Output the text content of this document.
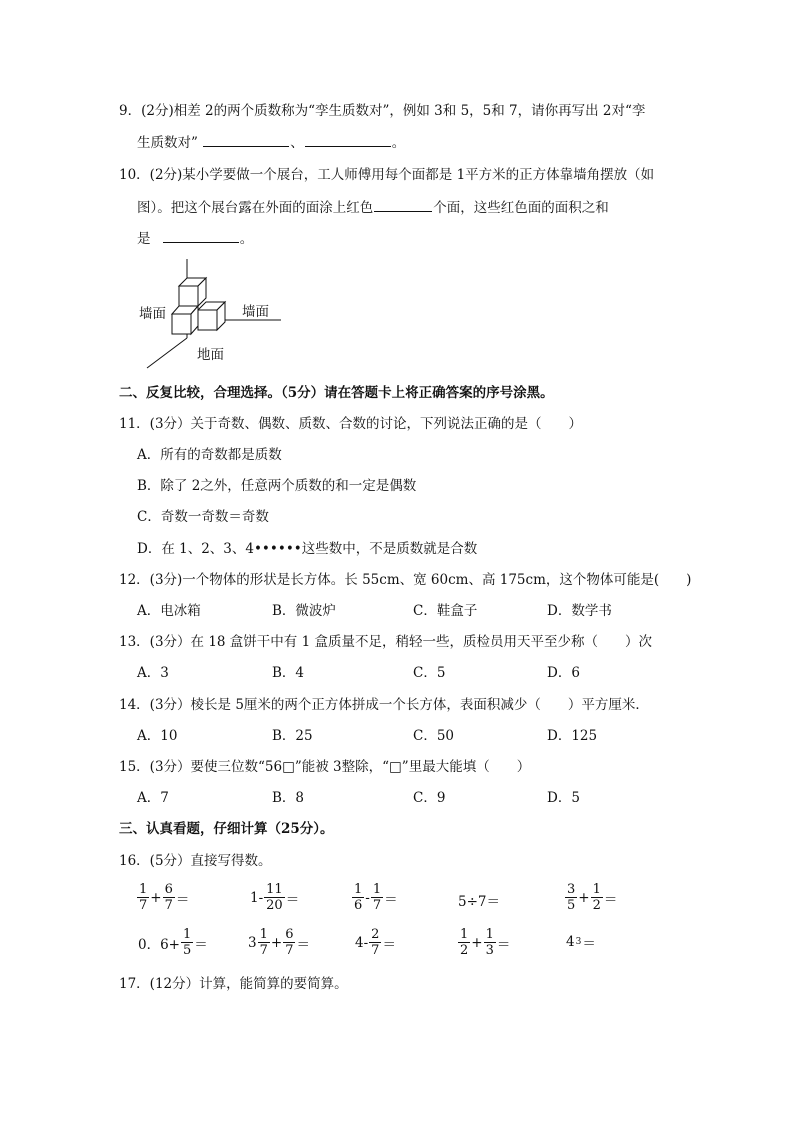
9．(2分)相差 2的两个质数称为“孪生质数对”，例如 3和 5，5和 7，请你再写出 2对“孪
生质数对”	、	。
10．(2分)某小学要做一个展台，工人师傅用每个面都是 1平方米的正方体靠墙角摆放（如
图）。把这个展台露在外面的面涂上红色	个面，这些红色面的面积之和
是	。
墙面	墙面
地面
二、反复比较，合理选择。（5分）请在答题卡上将正确答案的序号涂黑。
11．(3分）关于奇数、偶数、质数、合数的讨论，下列说法正确的是（　　）
A．所有的奇数都是质数
B．除了 2之外，任意两个质数的和一定是偶数
C．奇数一奇数＝奇数
D．在 1、2、3、4••••••这些数中，不是质数就是合数
12．(3分)一个物体的形状是长方体。长 55cm、宽 60cm、高 175cm，这个物体可能是(　　)
A．电冰箱	B．微波炉	C．鞋盒子	D．数学书
13．(3分）在 18 盒饼干中有 1 盒质量不足，稍轻一些，质检员用天平至少称（　　）次
A．3	B．4	C．5	D．6
14．(3分）棱长是 5厘米的两个正方体拼成一个长方体，表面积减少（　　）平方厘米．
A．10	B．25	C．50	D．125
15．(3分）要使三位数“56□”能被 3整除，“□”里最大能填（　　）
A．7	B．8	C．9	D．5
三、认真看题，仔细计算（25分）。
16．(5分）直接写得数。
$\frac{1}{7} + \frac{6}{7}$ ＝	$1- \frac{11}{20}$ ＝	$\frac{1}{6} - \frac{1}{7}$ ＝	5÷7＝	$\frac{3}{5} + \frac{1}{2}$ ＝
0．$6+ \frac{1}{5}$ ＝	$3 \frac{1}{7} + \frac{6}{7}$ ＝	$4- \frac{2}{7}$ ＝	$\frac{1}{2} + \frac{1}{3}$ ＝	4 3 ＝
17．(12分）计算，能简算的要简算。
